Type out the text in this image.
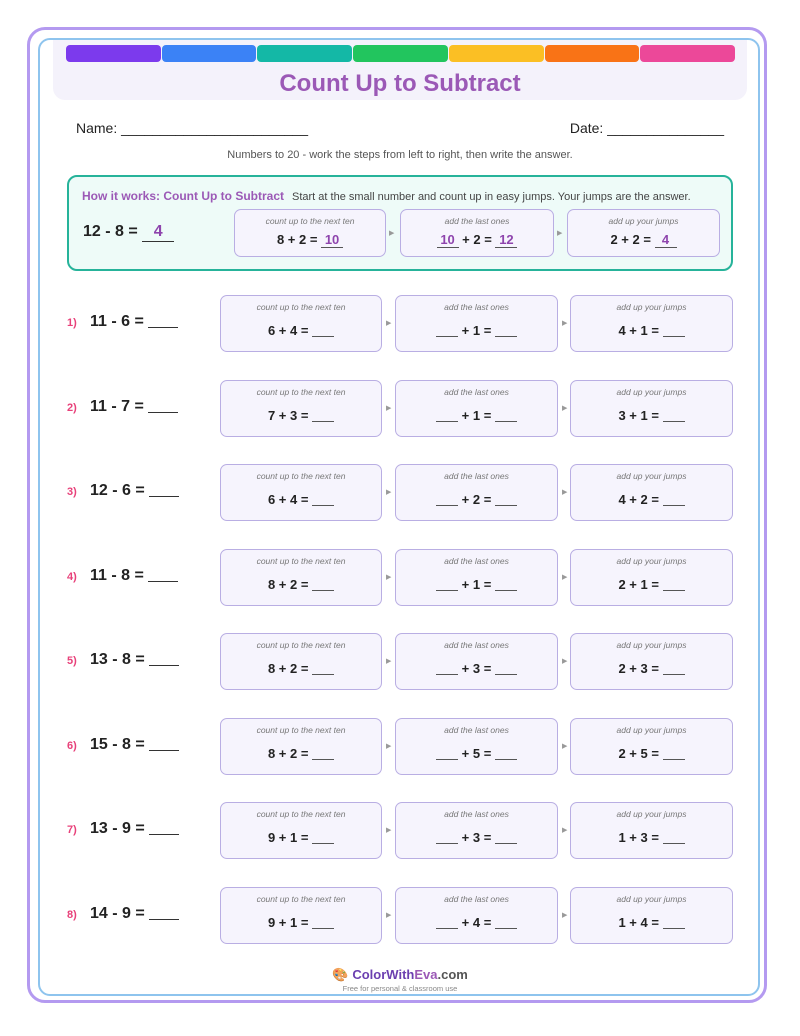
Count Up to Subtract
Name: ________________________	Date: _______________
Numbers to 20 - work the steps from left to right, then write the answer.
How it works: Count Up to Subtract Start at the small number and count up in easy jumps. Your jumps are the answer.
12 - 8 = 4
count up to the next ten
8 + 2 = 10	▶
add the last ones
10 + 2 = 12	▶
add up your jumps
2 + 2 = 4
1) 11 - 6 =
count up to the next ten
6 + 4 =	▶
add the last ones
+ 1 =	▶
add up your jumps
4 + 1 =
2) 11 - 7 =
count up to the next ten
7 + 3 =	▶
add the last ones
+ 1 =	▶
add up your jumps
3 + 1 =
3) 12 - 6 =
count up to the next ten
6 + 4 =	▶
add the last ones
+ 2 =	▶
add up your jumps
4 + 2 =
4) 11 - 8 =
count up to the next ten
8 + 2 =	▶
add the last ones
+ 1 =	▶
add up your jumps
2 + 1 =
5) 13 - 8 =
count up to the next ten
8 + 2 =	▶
add the last ones
+ 3 =	▶
add up your jumps
2 + 3 =
6) 15 - 8 =
count up to the next ten
8 + 2 =	▶
add the last ones
+ 5 =	▶
add up your jumps
2 + 5 =
7) 13 - 9 =
count up to the next ten
9 + 1 =	▶
add the last ones
+ 3 =	▶
add up your jumps
1 + 3 =
8) 14 - 9 =
count up to the next ten
9 + 1 =	▶
add the last ones
+ 4 =	▶
add up your jumps
1 + 4 =
🎨 ColorWithEva.com
Free for personal & classroom use
